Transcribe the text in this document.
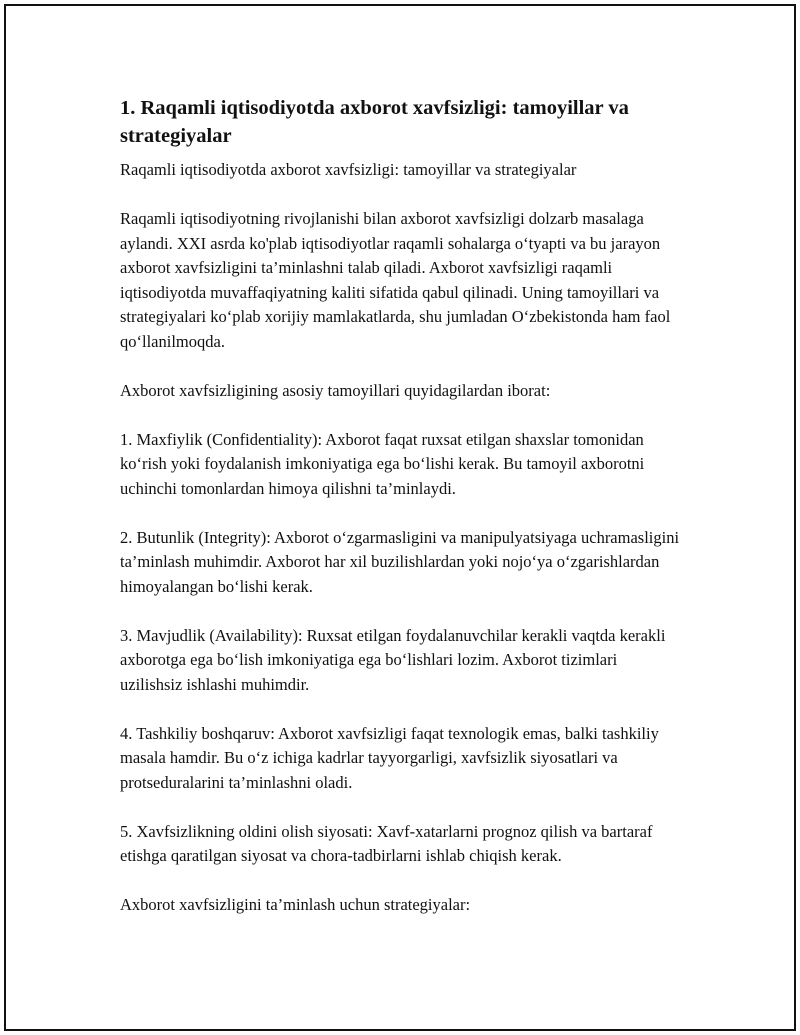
1. Raqamli iqtisodiyotda axborot xavfsizligi: tamoyillar va strategiyalar

Raqamli iqtisodiyotda axborot xavfsizligi: tamoyillar va strategiyalar

Raqamli iqtisodiyotning rivojlanishi bilan axborot xavfsizligi dolzarb masalaga aylandi. XXI asrda ko'plab iqtisodiyotlar raqamli sohalarga o‘tyapti va bu jarayon axborot xavfsizligini ta’minlashni talab qiladi. Axborot xavfsizligi raqamli iqtisodiyotda muvaffaqiyatning kaliti sifatida qabul qilinadi. Uning tamoyillari va strategiyalari ko‘plab xorijiy mamlakatlarda, shu jumladan O‘zbekistonda ham faol qo‘llanilmoqda.

Axborot xavfsizligining asosiy tamoyillari quyidagilardan iborat:

1. Maxfiylik (Confidentiality): Axborot faqat ruxsat etilgan shaxslar tomonidan ko‘rish yoki foydalanish imkoniyatiga ega bo‘lishi kerak. Bu tamoyil axborotni uchinchi tomonlardan himoya qilishni ta’minlaydi.

2. Butunlik (Integrity): Axborot o‘zgarmasligini va manipulyatsiyaga uchramasligini ta’minlash muhimdir. Axborot har xil buzilishlardan yoki nojo‘ya o‘zgarishlardan himoyalangan bo‘lishi kerak.

3. Mavjudlik (Availability): Ruxsat etilgan foydalanuvchilar kerakli vaqtda kerakli axborotga ega bo‘lish imkoniyatiga ega bo‘lishlari lozim. Axborot tizimlari uzilishsiz ishlashi muhimdir.

4. Tashkiliy boshqaruv: Axborot xavfsizligi faqat texnologik emas, balki tashkiliy masala hamdir. Bu o‘z ichiga kadrlar tayyorgarligi, xavfsizlik siyosatlari va protseduralarini ta’minlashni oladi.

5. Xavfsizlikning oldini olish siyosati: Xavf-xatarlarni prognoz qilish va bartaraf etishga qaratilgan siyosat va chora-tadbirlarni ishlab chiqish kerak.

Axborot xavfsizligini ta’minlash uchun strategiyalar:
